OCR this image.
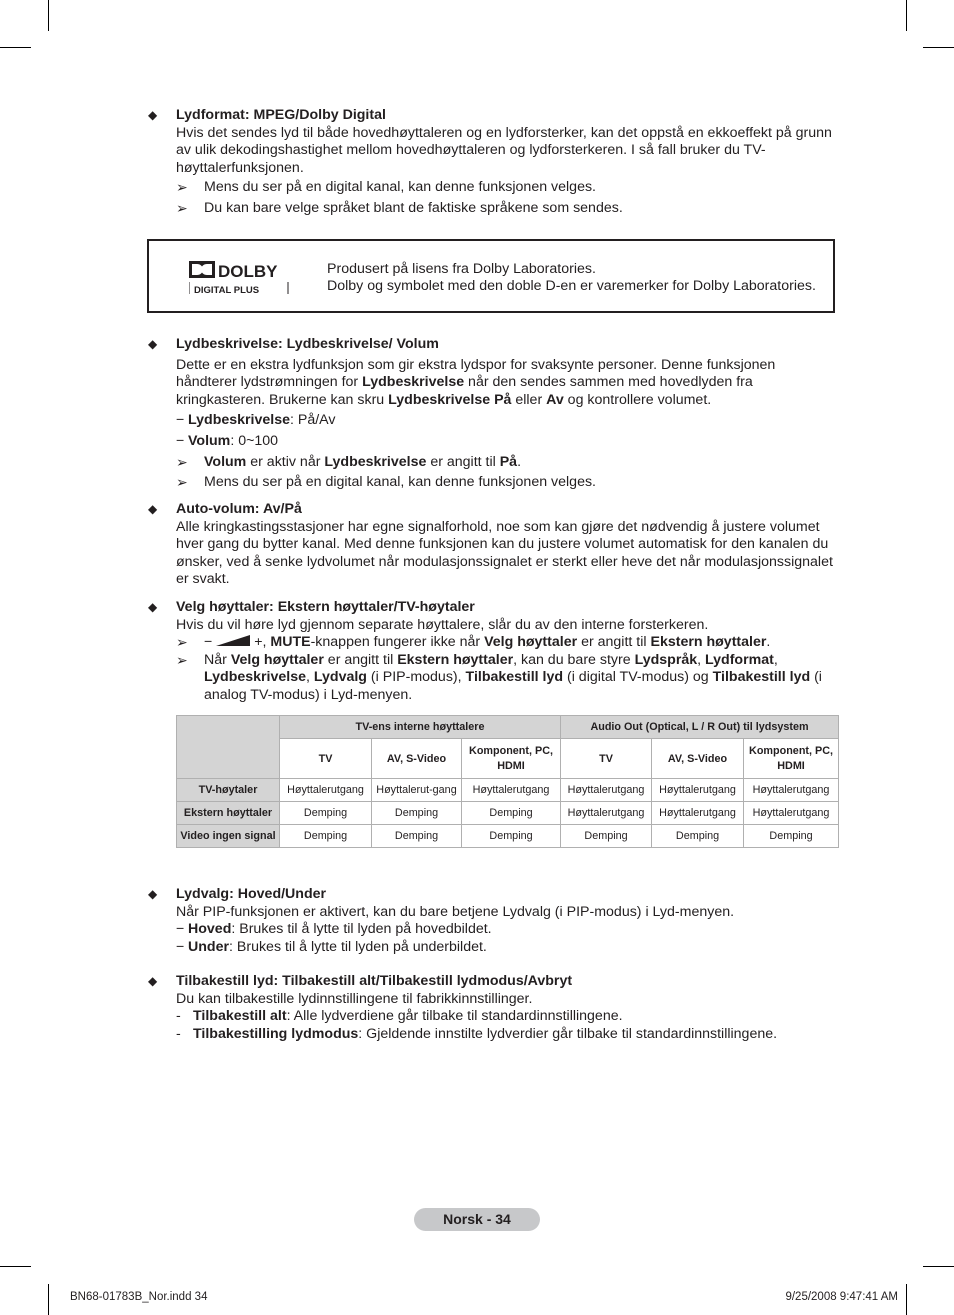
◆ Lydformat: MPEG/Dolby Digital
Hvis det sendes lyd til både hovedhøyttaleren og en lydforsterker, kan det oppstå en ekkoeffekt på grunn av ulik dekodingshastighet mellom hovedhøyttaleren og lydforsterkeren. I så fall bruker du TV-høyttalerfunksjonen.
➢ Mens du ser på en digital kanal, kan denne funksjonen velges.
➢ Du kan bare velge språket blant de faktiske språkene som sendes.
DOLBY
DIGITAL PLUS
Produsert på lisens fra Dolby Laboratories.
Dolby og symbolet med den doble D-en er varemerker for Dolby Laboratories.
◆ Lydbeskrivelse: Lydbeskrivelse/ Volum
Dette er en ekstra lydfunksjon som gir ekstra lydspor for svaksynte personer. Denne funksjonen håndterer lydstrømningen for Lydbeskrivelse når den sendes sammen med hovedlyden fra kringkasteren. Brukerne kan skru Lydbeskrivelse På eller Av og kontrollere volumet.
− Lydbeskrivelse: På/Av
− Volum: 0~100
➢ Volum er aktiv når Lydbeskrivelse er angitt til På.
➢ Mens du ser på en digital kanal, kan denne funksjonen velges.
◆ Auto-volum: Av/På
Alle kringkastingsstasjoner har egne signalforhold, noe som kan gjøre det nødvendig å justere volumet hver gang du bytter kanal. Med denne funksjonen kan du justere volumet automatisk for den kanalen du ønsker, ved å senke lydvolumet når modulasjonssignalet er sterkt eller heve det når modulasjonssignalet er svakt.
◆ Velg høyttaler: Ekstern høyttaler/TV-høytaler
Hvis du vil høre lyd gjennom separate høyttalere, slår du av den interne forsterkeren.
➢ −	+, MUTE-knappen fungerer ikke når Velg høyttaler er angitt til Ekstern høyttaler.
➢ Når Velg høyttaler er angitt til Ekstern høyttaler, kan du bare styre Lydspråk, Lydformat, Lydbeskrivelse, Lydvalg (i PIP-modus), Tilbakestill lyd (i digital TV-modus) og Tilbakestill lyd (i analog TV-modus) i Lyd-menyen.
	TV-ens interne høyttalere			Audio Out (Optical, L / R Out) til lydsystem		
	TV	AV, S-Video	Komponent, PC, HDMI	TV	AV, S-Video	Komponent, PC, HDMI
TV-høytaler	Høyttalerutgang	Høyttalerut-gang	Høyttalerutgang	Høyttalerutgang	Høyttalerutgang	Høyttalerutgang
Ekstern høyttaler	Demping	Demping	Demping	Høyttalerutgang	Høyttalerutgang	Høyttalerutgang
Video ingen signal	Demping	Demping	Demping	Demping	Demping	Demping
◆ Lydvalg: Hoved/Under
Når PIP-funksjonen er aktivert, kan du bare betjene Lydvalg (i PIP-modus) i Lyd-menyen.
− Hoved: Brukes til å lytte til lyden på hovedbildet.
− Under: Brukes til å lytte til lyden på underbildet.
◆ Tilbakestill lyd: Tilbakestill alt/Tilbakestill lydmodus/Avbryt
Du kan tilbakestille lydinnstillingene til fabrikkinnstillinger.
- Tilbakestill alt: Alle lydverdiene går tilbake til standardinnstillingene.
- Tilbakestilling lydmodus: Gjeldende innstilte lydverdier går tilbake til standardinnstillingene.
Norsk - 34
BN68-01783B_Nor.indd 34	9/25/2008 9:47:41 AM
